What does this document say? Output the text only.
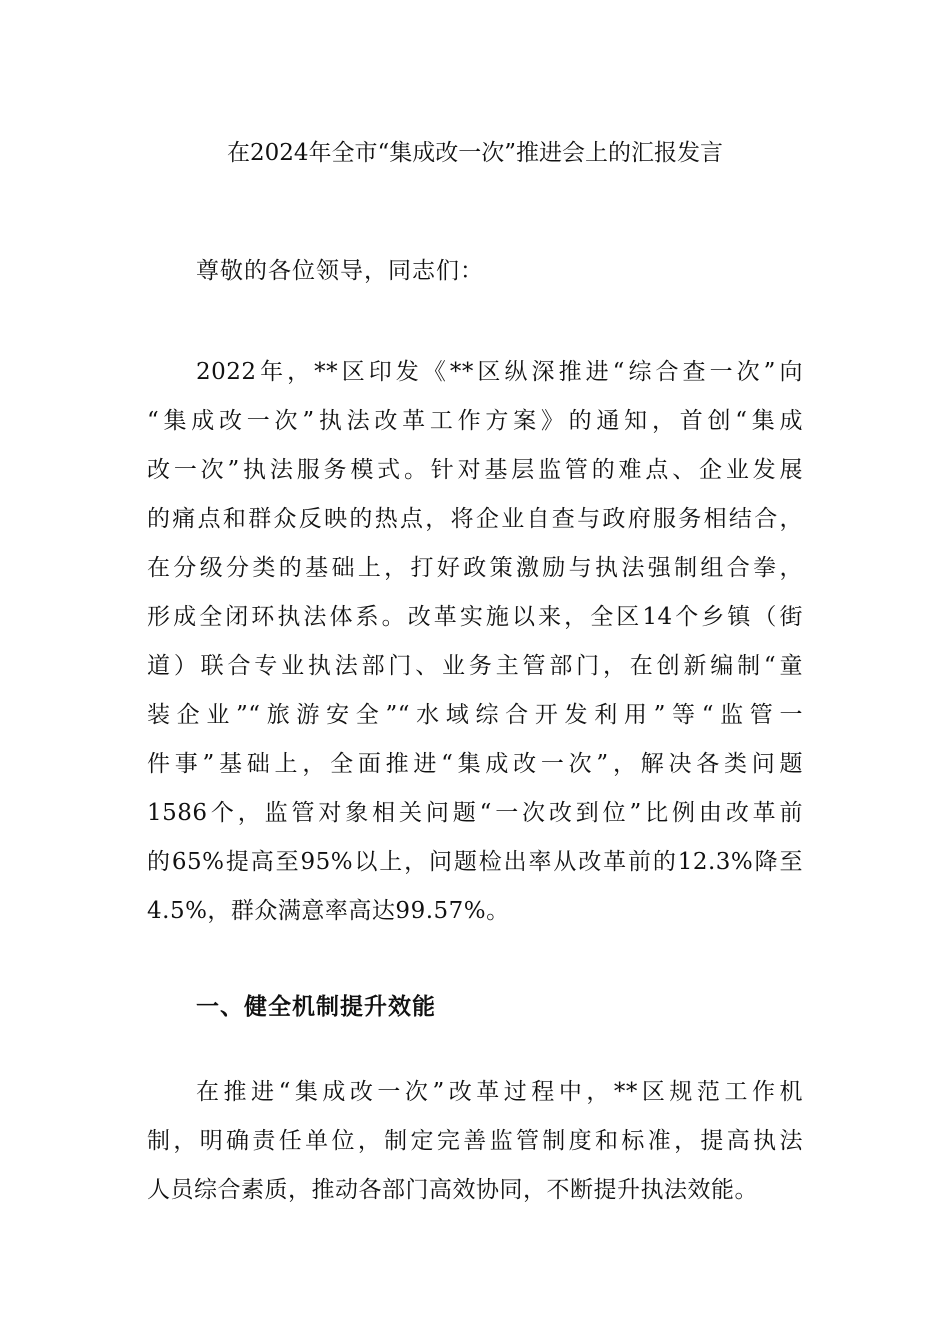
在2024年全市“集成改一次”推进会上的汇报发言

尊敬的各位领导，同志们：

2022年，**区印发《**区纵深推进“综合查一次”向
“集成改一次”执法改革工作方案》的通知，首创“集成
改一次”执法服务模式。针对基层监管的难点、企业发展
的痛点和群众反映的热点，将企业自查与政府服务相结合，
在分级分类的基础上，打好政策激励与执法强制组合拳，
形成全闭环执法体系。改革实施以来，全区14个乡镇（街
道）联合专业执法部门、业务主管部门，在创新编制“童
装企业”“旅游安全”“水域综合开发利用”等“监管一
件事”基础上，全面推进“集成改一次”，解决各类问题
1586个，监管对象相关问题“一次改到位”比例由改革前
的65%提高至95%以上，问题检出率从改革前的12.3%降至
4.5%，群众满意率高达99.57%。
一、健全机制提升效能
在推进“集成改一次”改革过程中，**区规范工作机
制，明确责任单位，制定完善监管制度和标准，提高执法
人员综合素质，推动各部门高效协同，不断提升执法效能。
